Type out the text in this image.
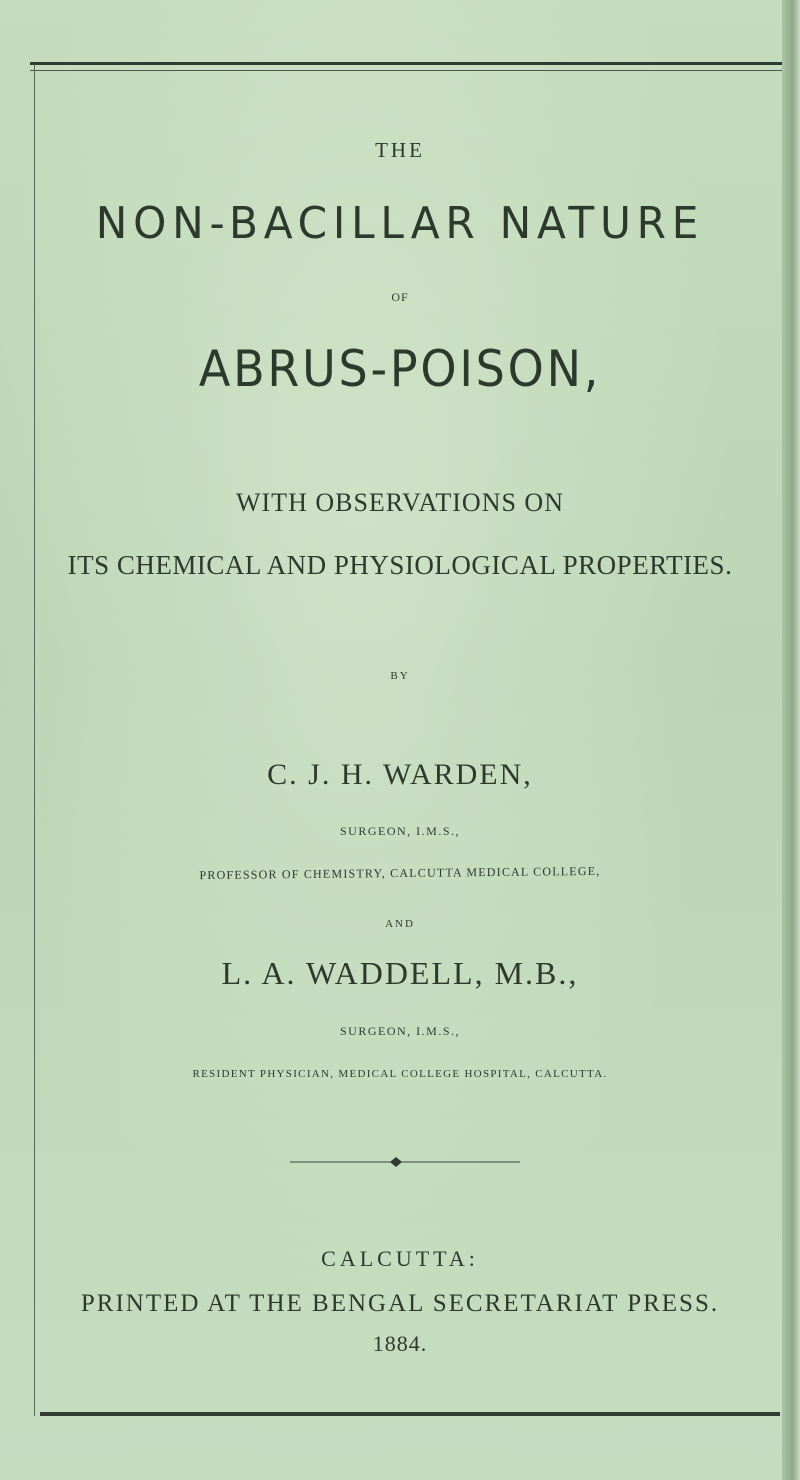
THE
NON-BACILLAR NATURE
OF
ABRUS-POISON,
WITH OBSERVATIONS ON
ITS CHEMICAL AND PHYSIOLOGICAL PROPERTIES.
BY
C. J. H. WARDEN,
SURGEON, I.M.S.,
PROFESSOR OF CHEMISTRY, CALCUTTA MEDICAL COLLEGE,
AND
L. A. WADDELL, M.B.,
SURGEON, I.M.S.,
RESIDENT PHYSICIAN, MEDICAL COLLEGE HOSPITAL, CALCUTTA.
CALCUTTA:
PRINTED AT THE BENGAL SECRETARIAT PRESS.
1884.
